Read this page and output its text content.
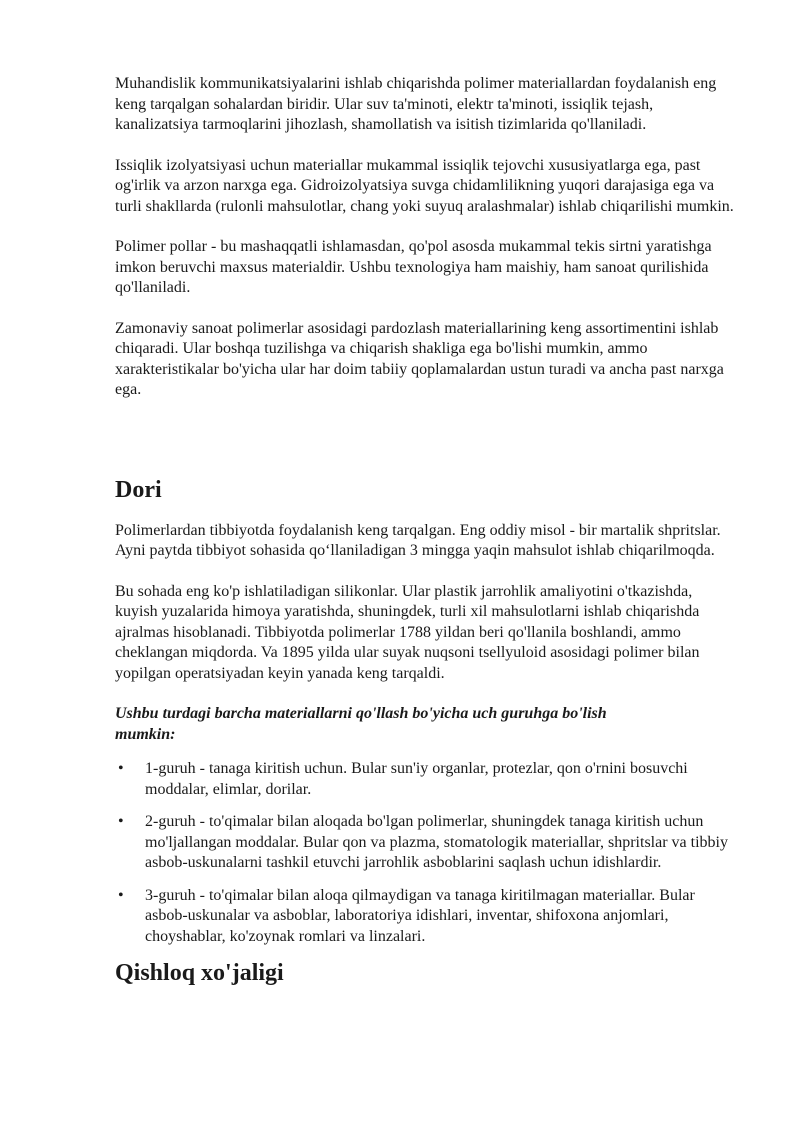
Muhandislik kommunikatsiyalarini ishlab chiqarishda polimer materiallardan foydalanish eng keng tarqalgan sohalardan biridir. Ular suv ta'minoti, elektr ta'minoti, issiqlik tejash, kanalizatsiya tarmoqlarini jihozlash, shamollatish va isitish tizimlarida qo'llaniladi.

Issiqlik izolyatsiyasi uchun materiallar mukammal issiqlik tejovchi xususiyatlarga ega, past og'irlik va arzon narxga ega. Gidroizolyatsiya suvga chidamlilikning yuqori darajasiga ega va turli shakllarda (rulonli mahsulotlar, chang yoki suyuq aralashmalar) ishlab chiqarilishi mumkin.

Polimer pollar - bu mashaqqatli ishlamasdan, qo'pol asosda mukammal tekis sirtni yaratishga imkon beruvchi maxsus materialdir. Ushbu texnologiya ham maishiy, ham sanoat qurilishida qo'llaniladi.

Zamonaviy sanoat polimerlar asosidagi pardozlash materiallarining keng assortimentini ishlab chiqaradi. Ular boshqa tuzilishga va chiqarish shakliga ega bo'lishi mumkin, ammo xarakteristikalar bo'yicha ular har doim tabiiy qoplamalardan ustun turadi va ancha past narxga ega.

Dori

Polimerlardan tibbiyotda foydalanish keng tarqalgan. Eng oddiy misol - bir martalik shpritslar. Ayni paytda tibbiyot sohasida qo‘llaniladigan 3 mingga yaqin mahsulot ishlab chiqarilmoqda.

Bu sohada eng ko'p ishlatiladigan silikonlar. Ular plastik jarrohlik amaliyotini o'tkazishda, kuyish yuzalarida himoya yaratishda, shuningdek, turli xil mahsulotlarni ishlab chiqarishda ajralmas hisoblanadi. Tibbiyotda polimerlar 1788 yildan beri qo'llanila boshlandi, ammo cheklangan miqdorda. Va 1895 yilda ular suyak nuqsoni tsellyuloid asosidagi polimer bilan yopilgan operatsiyadan keyin yanada keng tarqaldi.

Ushbu turdagi barcha materiallarni qo'llash bo'yicha uch guruhga bo'lish mumkin:

• 1-guruh - tanaga kiritish uchun. Bular sun'iy organlar, protezlar, qon o'rnini bosuvchi moddalar, elimlar, dorilar.
• 2-guruh - to'qimalar bilan aloqada bo'lgan polimerlar, shuningdek tanaga kiritish uchun mo'ljallangan moddalar. Bular qon va plazma, stomatologik materiallar, shpritslar va tibbiy asbob-uskunalarni tashkil etuvchi jarrohlik asboblarini saqlash uchun idishlardir.
• 3-guruh - to'qimalar bilan aloqa qilmaydigan va tanaga kiritilmagan materiallar. Bular asbob-uskunalar va asboblar, laboratoriya idishlari, inventar, shifoxona anjomlari, choyshablar, ko'zoynak romlari va linzalari.
Qishloq xo'jaligi
